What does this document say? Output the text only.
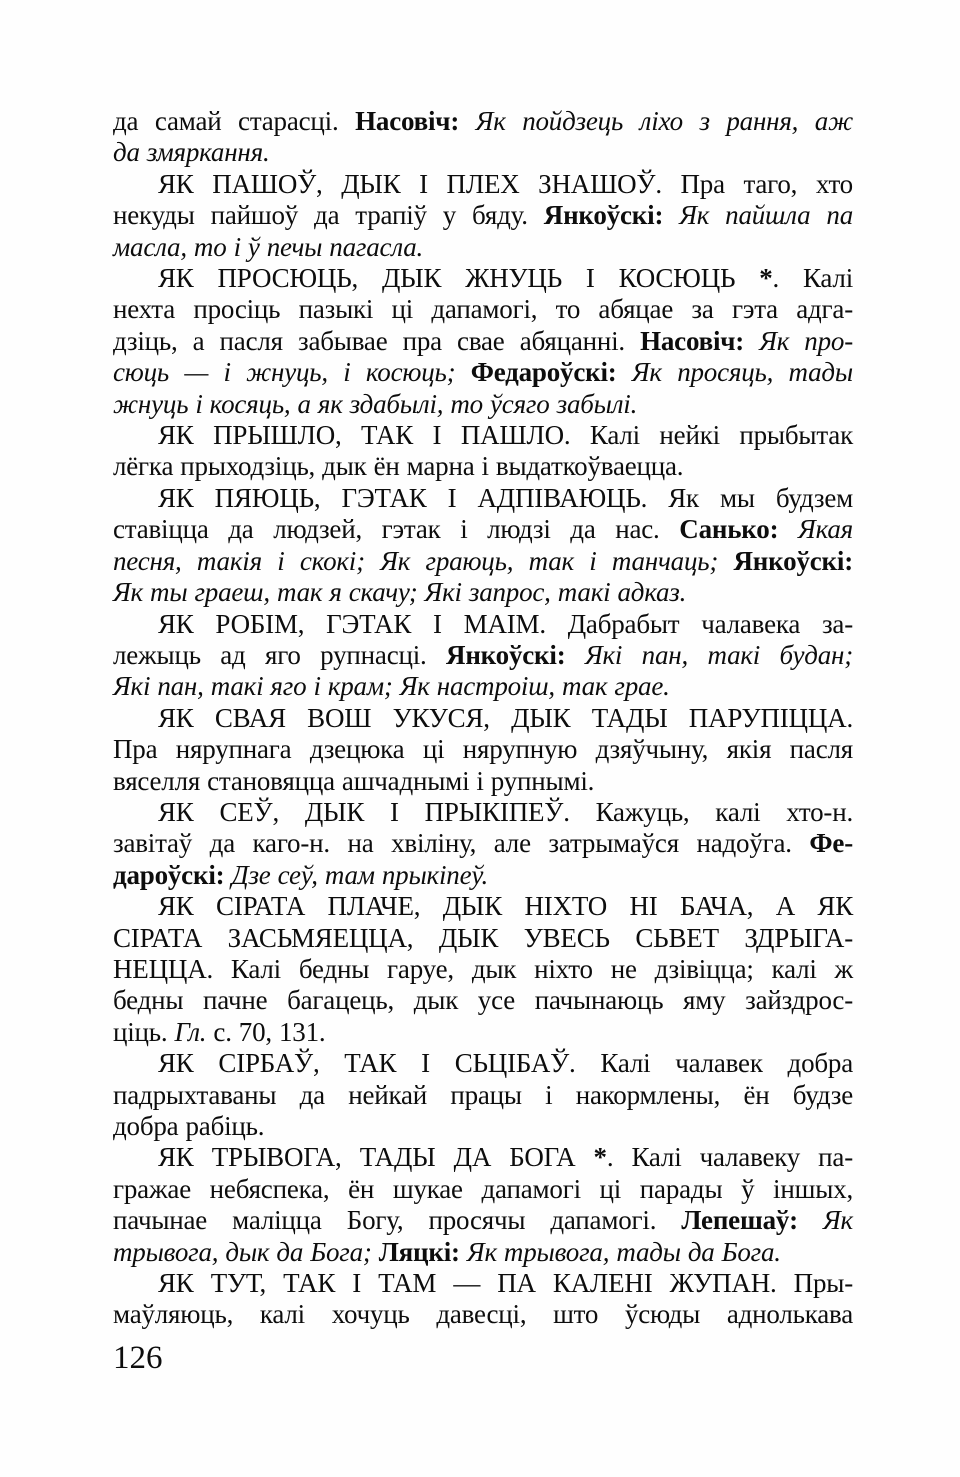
да самай старасці. Насовіч: Як пойдзець ліхо з рання, аж
да змяркання.
ЯК ПАШОЎ, ДЫК І ПЛЕХ ЗНАШОЎ. Пра таго, хто
некуды пайшоў да трапіў у бяду. Янкоўскі: Як пайшла па
масла, то і ў печы пагасла.
ЯК ПРОСЮЦЬ, ДЫК ЖНУЦЬ І КОСЮЦЬ *. Калі
нехта просіць пазыкі ці дапамогі, то абяцае за гэта адга-
дзіць, а пасля забывае пра свае абяцанні. Насовіч: Як про-
сюць — і жнуць, і косюць; Федароўскі: Як просяць, тады
жнуць і косяць, а як здабылі, то ўсяго забылі.
ЯК ПРЫШЛО, ТАК І ПАШЛО. Калі нейкі прыбытак
лёгка прыходзіць, дык ён марна і выдаткоўваецца.
ЯК ПЯЮЦЬ, ГЭТАК І АДПІВАЮЦЬ. Як мы будзем
ставіцца да людзей, гэтак і людзі да нас. Санько: Якая
песня, такія і скокі; Як граюць, так і танчаць; Янкоўскі:
Як ты граеш, так я скачу; Які запрос, такі адказ.
ЯК РОБІМ, ГЭТАК І МАІМ. Дабрабыт чалавека за-
лежыць ад яго рупнасці. Янкоўскі: Які пан, такі будан;
Які пан, такі яго і крам; Як настроіш, так грае.
ЯК СВАЯ ВОШ УКУСЯ, ДЫК ТАДЫ ПАРУПІЦЦА.
Пра нярупнага дзецюка ці нярупную дзяўчыну, якія пасля
вяселля становяцца ашчаднымі і рупнымі.
ЯК СЕЎ, ДЫК І ПРЫКІПЕЎ. Кажуць, калі хто-н.
завітаў да каго-н. на хвіліну, але затрымаўся надоўга. Фе-
дароўскі: Дзе сеў, там прыкіпеў.
ЯК СІРАТА ПЛАЧЕ, ДЫК НІХТО НІ БАЧА, А ЯК
СІРАТА ЗАСЬМЯЕЦЦА, ДЫК УВЕСЬ СЬВЕТ ЗДРЫГА-
НЕЦЦА. Калі бедны гаруе, дык ніхто не дзівіцца; калі ж
бедны пачне багацець, дык усе пачынаюць яму зайздрос-
ціць. Гл. с. 70, 131.
ЯК СІРБАЎ, ТАК І СЬЦІБАЎ. Калі чалавек добра
падрыхтаваны да нейкай працы і накормлены, ён будзе
добра рабіць.
ЯК ТРЫВОГА, ТАДЫ ДА БОГА *. Калі чалавеку па-
гражае небяспека, ён шукае дапамогі ці парады ў іншых,
пачынае маліцца Богу, просячы дапамогі. Лепешаў: Як
трывога, дык да Бога; Ляцкі: Як трывога, тады да Бога.
ЯК ТУТ, ТАК І ТАМ — ПА КАЛЕНІ ЖУПАН. Пры-
маўляюць, калі хочуць давесці, што ўсюды аднолькава
126
